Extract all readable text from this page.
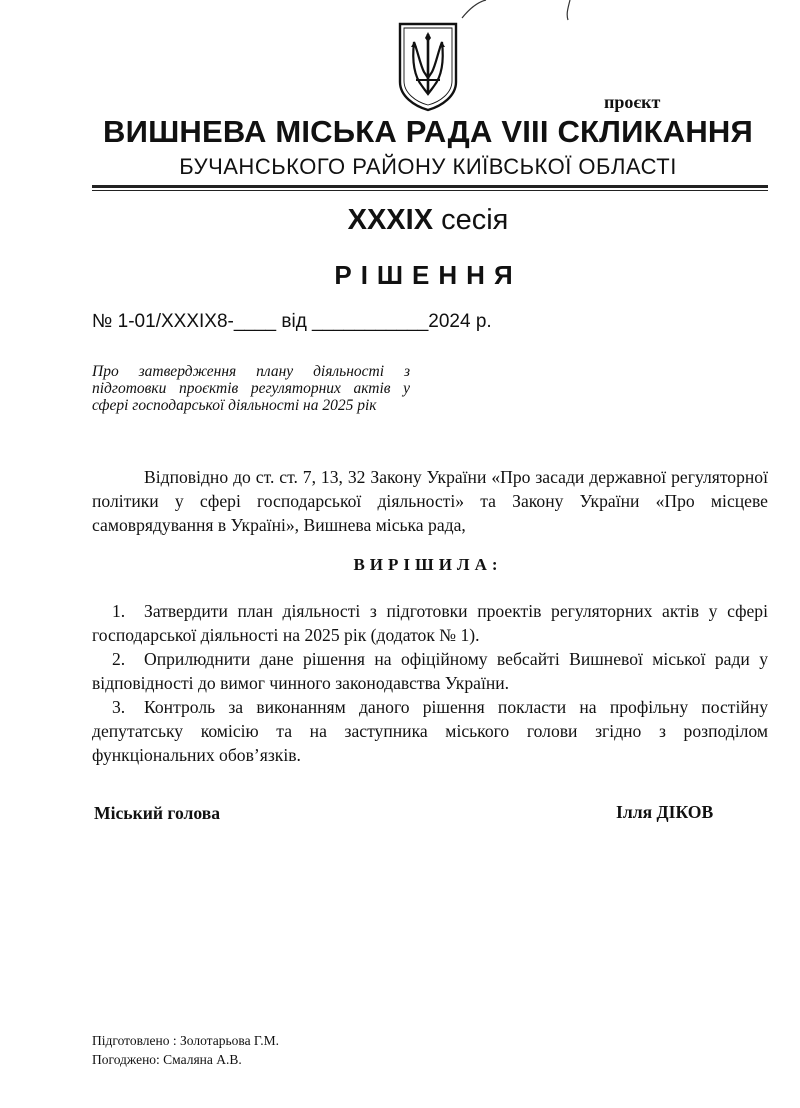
проєкт
ВИШНЕВА МІСЬКА РАДА VIII СКЛИКАННЯ
БУЧАНСЬКОГО РАЙОНУ КИЇВСЬКОЇ ОБЛАСТІ
XXXIX сесія
РІШЕННЯ
№ 1-01/XXXIX8-____ від ___________2024 р.
Про затвердження плану діяльності з підготовки проєктів регуляторних актів у сфері господарської діяльності на 2025 рік
Відповідно до ст. ст. 7, 13, 32 Закону України «Про засади державної регуляторної політики у сфері господарської діяльності» та Закону України «Про місцеве самоврядування в Україні», Вишнева міська рада,
ВИРІШИЛА:

1. Затвердити план діяльності з підготовки проектів регуляторних актів у сфері господарської діяльності на 2025 рік (додаток № 1).

2. Оприлюднити дане рішення на офіційному вебсайті Вишневої міської ради у відповідності до вимог чинного законодавства України.

3. Контроль за виконанням даного рішення покласти на профільну постійну депутатську комісію та на заступника міського голови згідно з розподілом функціональних обов’язків.

Міський голова	Ілля ДІКОВ
Підготовлено : Золотарьова Г.М.
Погоджено: Смаляна А.В.
